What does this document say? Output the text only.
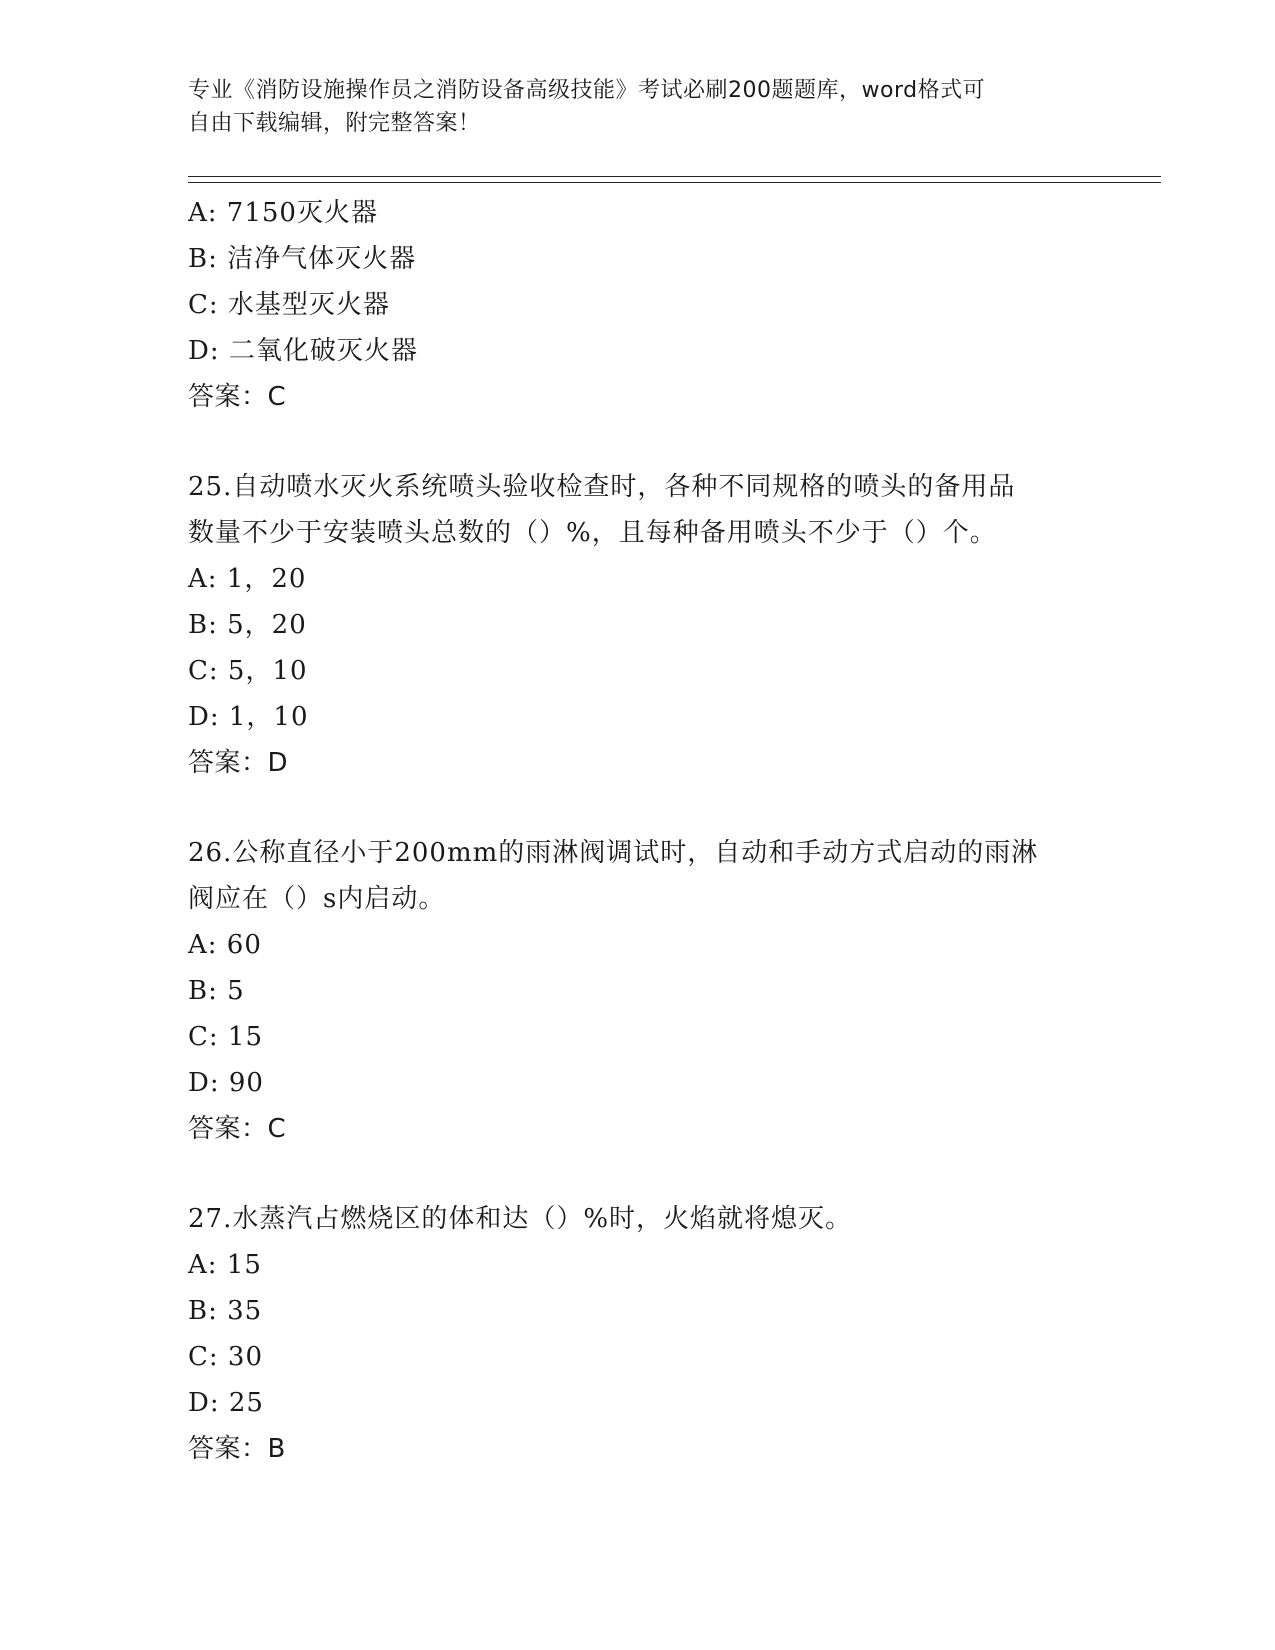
专业《消防设施操作员之消防设备高级技能》考试必刷200题题库，word格式可
自由下载编辑，附完整答案！
A: 7150灭火器
B: 洁净气体灭火器
C: 水基型灭火器
D: 二氧化破灭火器
答案：C
25.自动喷水灭火系统喷头验收检查时，各种不同规格的喷头的备用品
数量不少于安装喷头总数的（）%，且每种备用喷头不少于（）个。
A: 1，20
B: 5，20
C: 5，10
D: 1，10
答案：D
26.公称直径小于200mm的雨淋阀调试时，自动和手动方式启动的雨淋
阀应在（）s内启动。
A: 60
B: 5
C: 15
D: 90
答案：C
27.水蒸汽占燃烧区的体和达（）%时，火焰就将熄灭。
A: 15
B: 35
C: 30
D: 25
答案：B
